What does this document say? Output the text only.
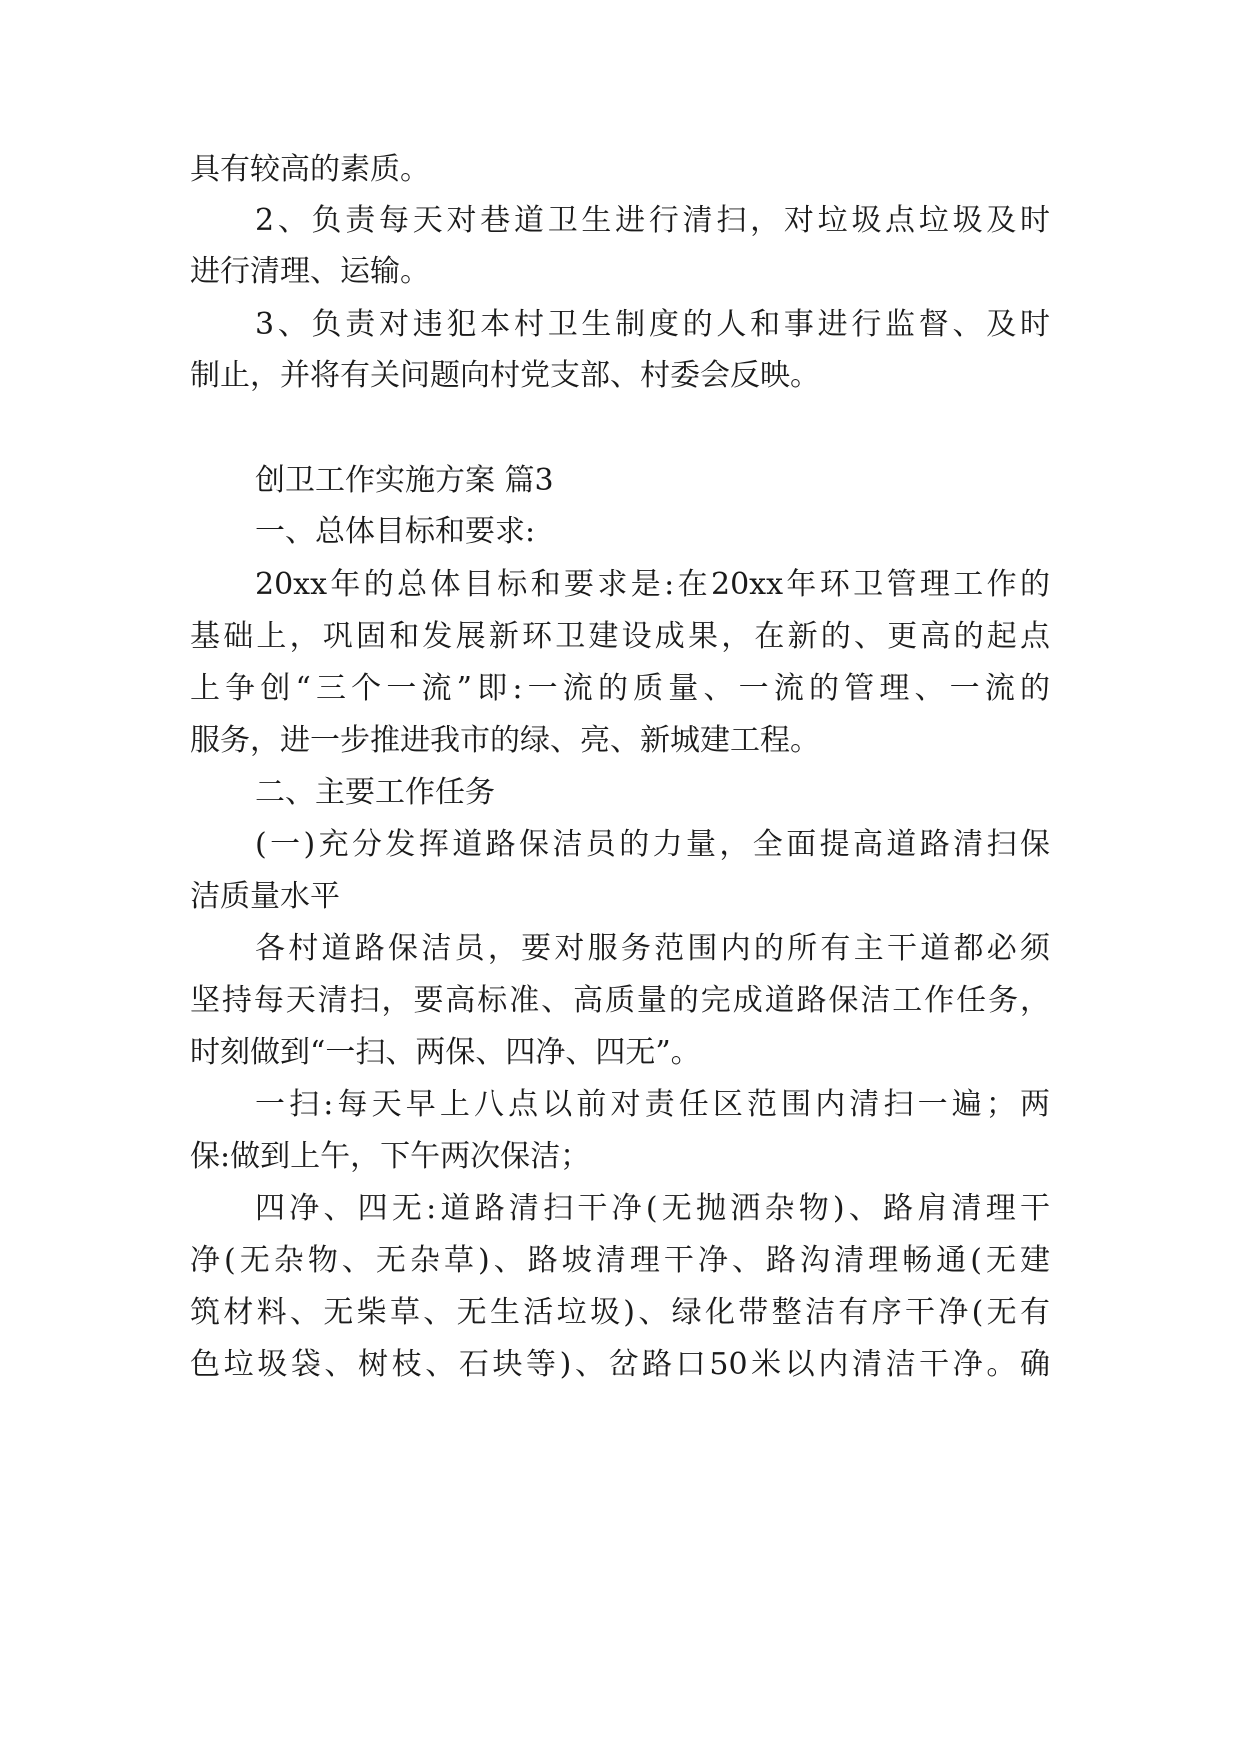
具有较高的素质。
2、负责每天对巷道卫生进行清扫，对垃圾点垃圾及时
进行清理、运输。
3、负责对违犯本村卫生制度的人和事进行监督、及时
制止，并将有关问题向村党支部、村委会反映。
创卫工作实施方案 篇3
一、总体目标和要求:
20xx年的总体目标和要求是:在20xx年环卫管理工作的
基础上，巩固和发展新环卫建设成果，在新的、更高的起点
上争创“三个一流”即:一流的质量、一流的管理、一流的
服务，进一步推进我市的绿、亮、新城建工程。
二、主要工作任务
(一)充分发挥道路保洁员的力量，全面提高道路清扫保
洁质量水平
各村道路保洁员，要对服务范围内的所有主干道都必须
坚持每天清扫，要高标准、高质量的完成道路保洁工作任务，
时刻做到“一扫、两保、四净、四无”。
一扫:每天早上八点以前对责任区范围内清扫一遍；两
保:做到上午，下午两次保洁；
四净、四无:道路清扫干净(无抛洒杂物)、路肩清理干
净(无杂物、无杂草)、路坡清理干净、路沟清理畅通(无建
筑材料、无柴草、无生活垃圾)、绿化带整洁有序干净(无有
色垃圾袋、树枝、石块等)、岔路口50米以内清洁干净。确
